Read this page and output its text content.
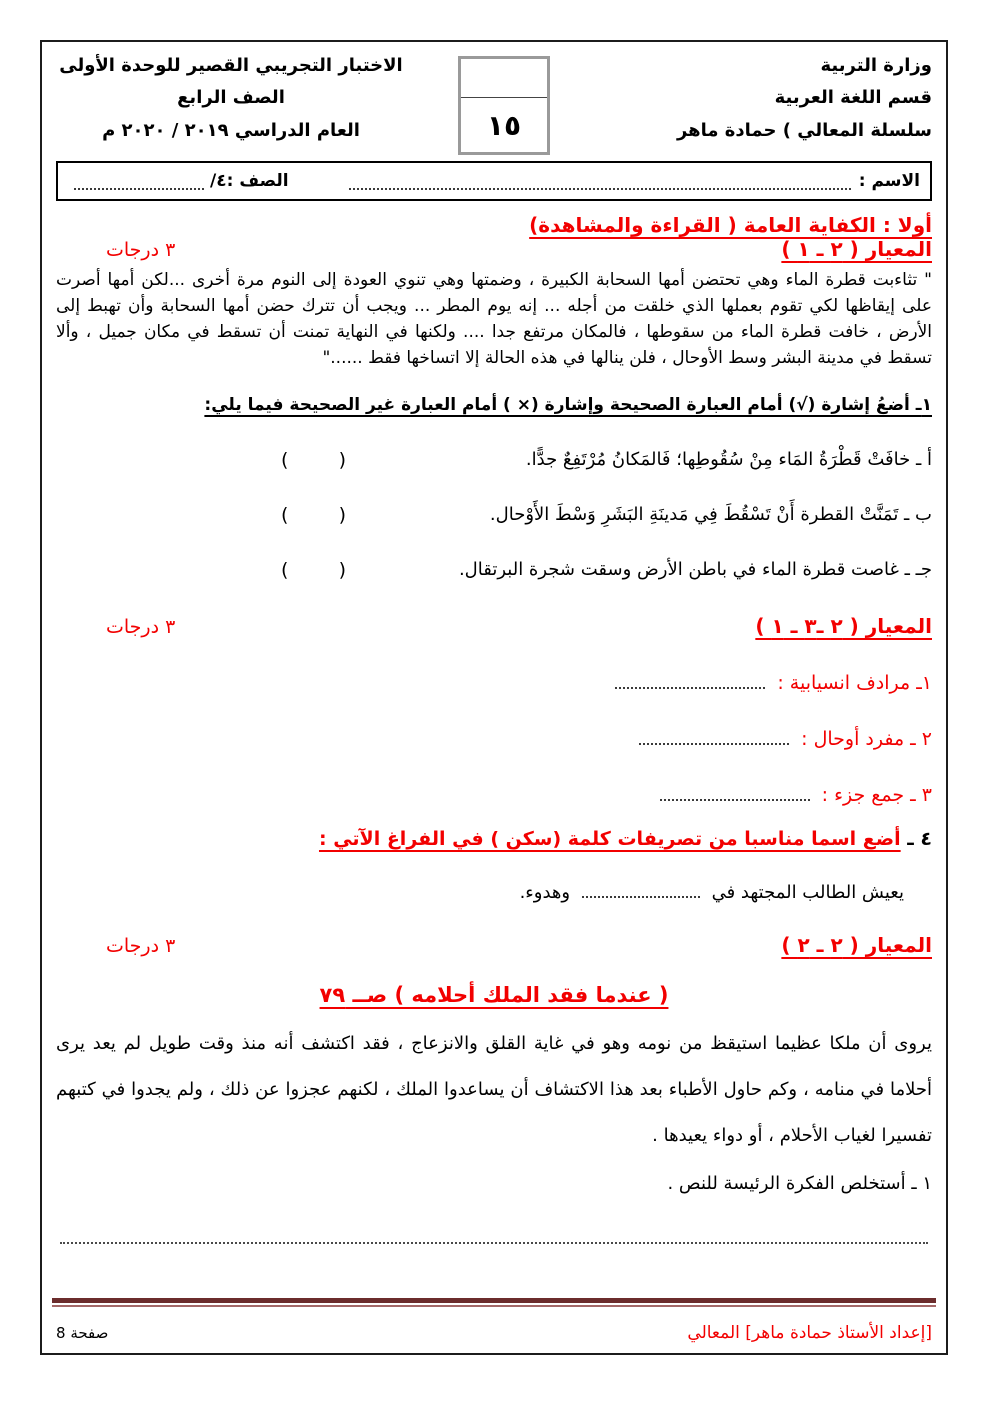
وزارة التربية
قسم اللغة العربية
سلسلة المعالي ) حمادة ماهر
١٥
الاختبار التجريبي القصير للوحدة الأولى
الصف الرابع
العام الدراسي ٢٠١٩ / ٢٠٢٠ م
الاسم :
الصف :٤/
أولا : الكفاية العامة ( القراءة والمشاهدة)
المعيار ( ٢ ـ ١ )
٣ درجات
" تثاءبت قطرة الماء وهي تحتضن أمها السحابة الكبيرة ، وضمتها وهي تنوي العودة إلى النوم مرة أخرى ...لكن أمها أصرت على إيقاظها لكي تقوم بعملها الذي خلقت من أجله ... إنه يوم المطر ... ويجب أن تترك حضن أمها السحابة وأن تهبط إلى الأرض ، خافت قطرة الماء من سقوطها ، فالمكان مرتفع جدا .... ولكنها في النهاية تمنت أن تسقط في مكان جميل ، وألا تسقط في مدينة البشر وسط الأوحال ، فلن ينالها في هذه الحالة إلا اتساخها فقط ......"
١ـ أضعُ إشارة (√) أمام العبارة الصحيحة وإشارة (× ) أمام العبارة غير الصحيحة فيما يلي:
أ ـ خافَتْ قَطْرَةُ المَاء مِنْ سُقُوطِها؛ فَالمَكانُ مُرْتَفِعٌ جدًّا.
(      )
ب ـ تَمَنَّتْ القطرة أَنْ تَسْقُطَ فِي مَدينَةِ البَشَرِ وَسْطَ الأَوْحال.
(      )
جـ ـ غاصت قطرة الماء في باطن الأرض وسقت شجرة البرتقال.
(      )
المعيار ( ٢ ـ٣ ـ ١ )
٣ درجات
١ـ مرادف انسيابية :
٢ ـ مفرد أوحال :
٣ ـ جمع جزء :
٤ ـ أضع اسما مناسبا من تصريفات كلمة (سكن ) في الفراغ الآتي :
يعيش الطالب المجتهد في  وهدوء.
المعيار ( ٢ ـ ٢ )
٣ درجات
( عندما فقد الملك أحلامه ) صــ ٧٩
يروى أن ملكا عظيما استيقظ من نومه وهو في غاية القلق والانزعاج ، فقد اكتشف أنه منذ وقت طويل لم يعد يرى أحلاما في منامه ، وكم حاول الأطباء بعد هذا الاكتشاف أن يساعدوا الملك ، لكنهم عجزوا عن ذلك ، ولم يجدوا في كتبهم تفسيرا لغياب الأحلام ، أو دواء يعيدها .
١ ـ أستخلص الفكرة الرئيسة للنص .
[إعداد الأستاذ حمادة ماهر] المعالي
صفحة 8
